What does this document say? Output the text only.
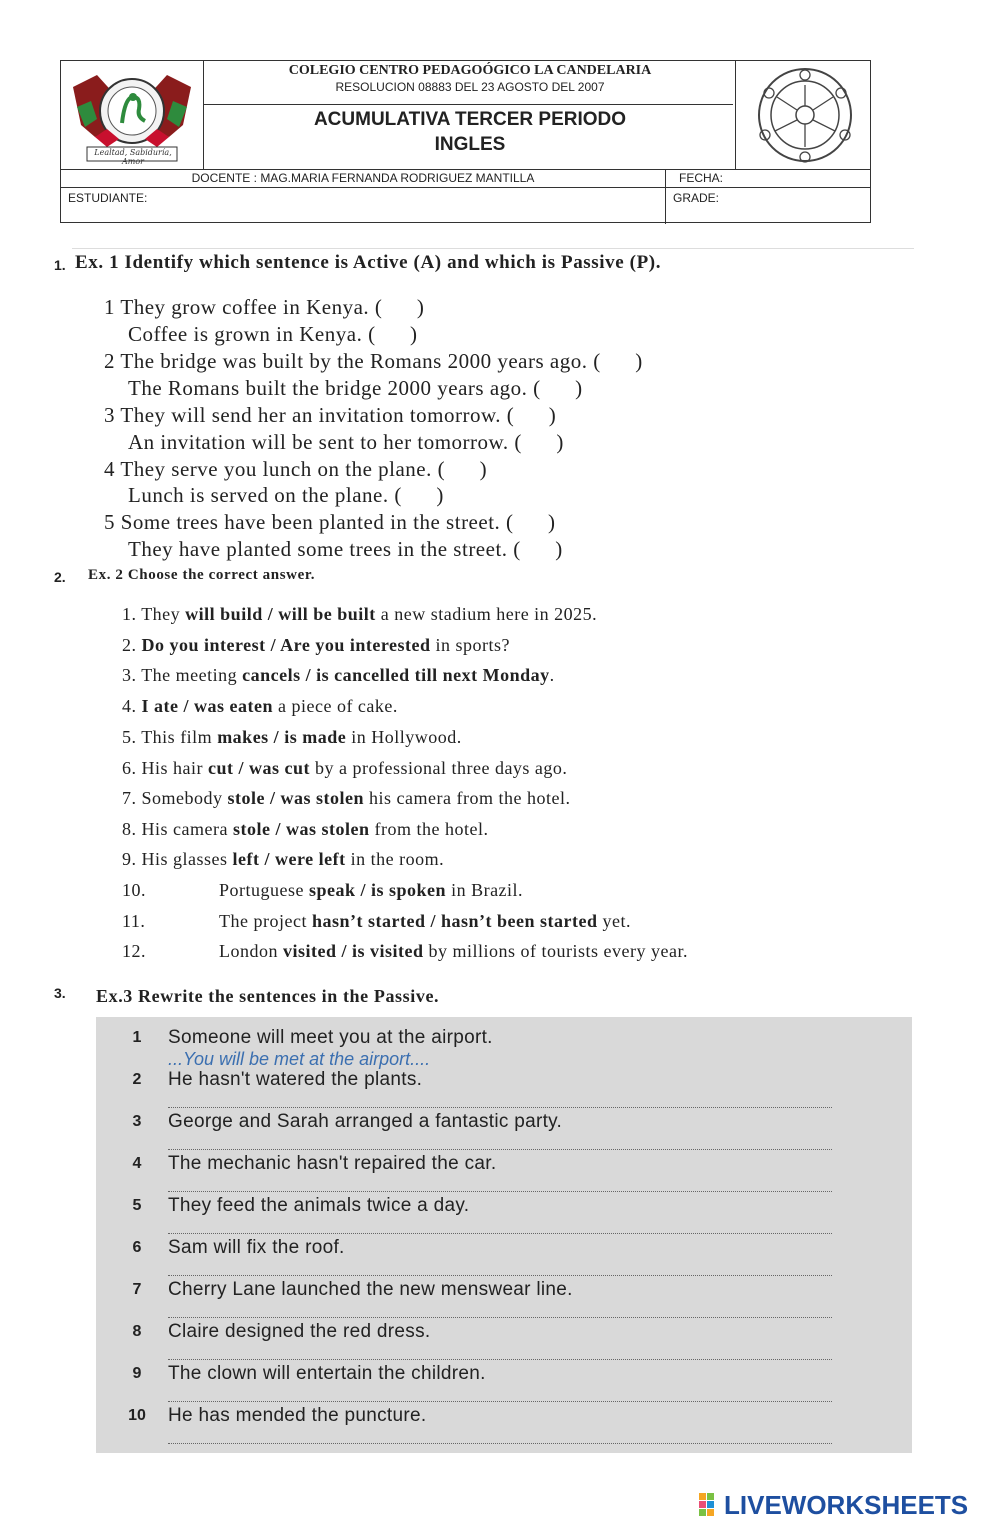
Lealtad, Sabiduría, Amor
COLEGIO CENTRO PEDAGOÓGICO LA CANDELARIA
RESOLUCION 08883 DEL 23 AGOSTO DEL 2007
ACUMULATIVA TERCER PERIODO
INGLES
DOCENTE : MAG.MARIA FERNANDA RODRIGUEZ MANTILLA	FECHA:
ESTUDIANTE:	GRADE:
1. Ex. 1 Identify which sentence is Active (A) and which is Passive (P).
1 They grow coffee in Kenya. (      )
Coffee is grown in Kenya. (      )
2 The bridge was built by the Romans 2000 years ago. (      )
The Romans built the bridge 2000 years ago. (      )
3 They will send her an invitation tomorrow. (      )
An invitation will be sent to her tomorrow. (      )
4 They serve you lunch on the plane. (      )
Lunch is served on the plane. (      )
5 Some trees have been planted in the street. (      )
They have planted some trees in the street. (      )
2. Ex. 2 Choose the correct answer.
1. They will build / will be built a new stadium here in 2025.
2. Do you interest / Are you interested in sports?
3. The meeting cancels / is cancelled till next Monday.
4. I ate / was eaten a piece of cake.
5. This film makes / is made in Hollywood.
6. His hair cut / was cut by a professional three days ago.
7. Somebody stole / was stolen his camera from the hotel.
8. His camera stole / was stolen from the hotel.
9. His glasses left / were left in the room.
10.	Portuguese speak / is spoken in Brazil.
11.	The project hasn’t started / hasn’t been started yet.
12.	London visited / is visited by millions of tourists every year.
3. Ex.3 Rewrite the sentences in the Passive.
1	Someone will meet you at the airport.
...You will be met at the airport....
2	He hasn't watered the plants.
3	George and Sarah arranged a fantastic party.
4	The mechanic hasn't repaired the car.
5	They feed the animals twice a day.
6	Sam will fix the roof.
7	Cherry Lane launched the new menswear line.
8	Claire designed the red dress.
9	The clown will entertain the children.
10 He has mended the puncture.
LIVEWORKSHEETS
